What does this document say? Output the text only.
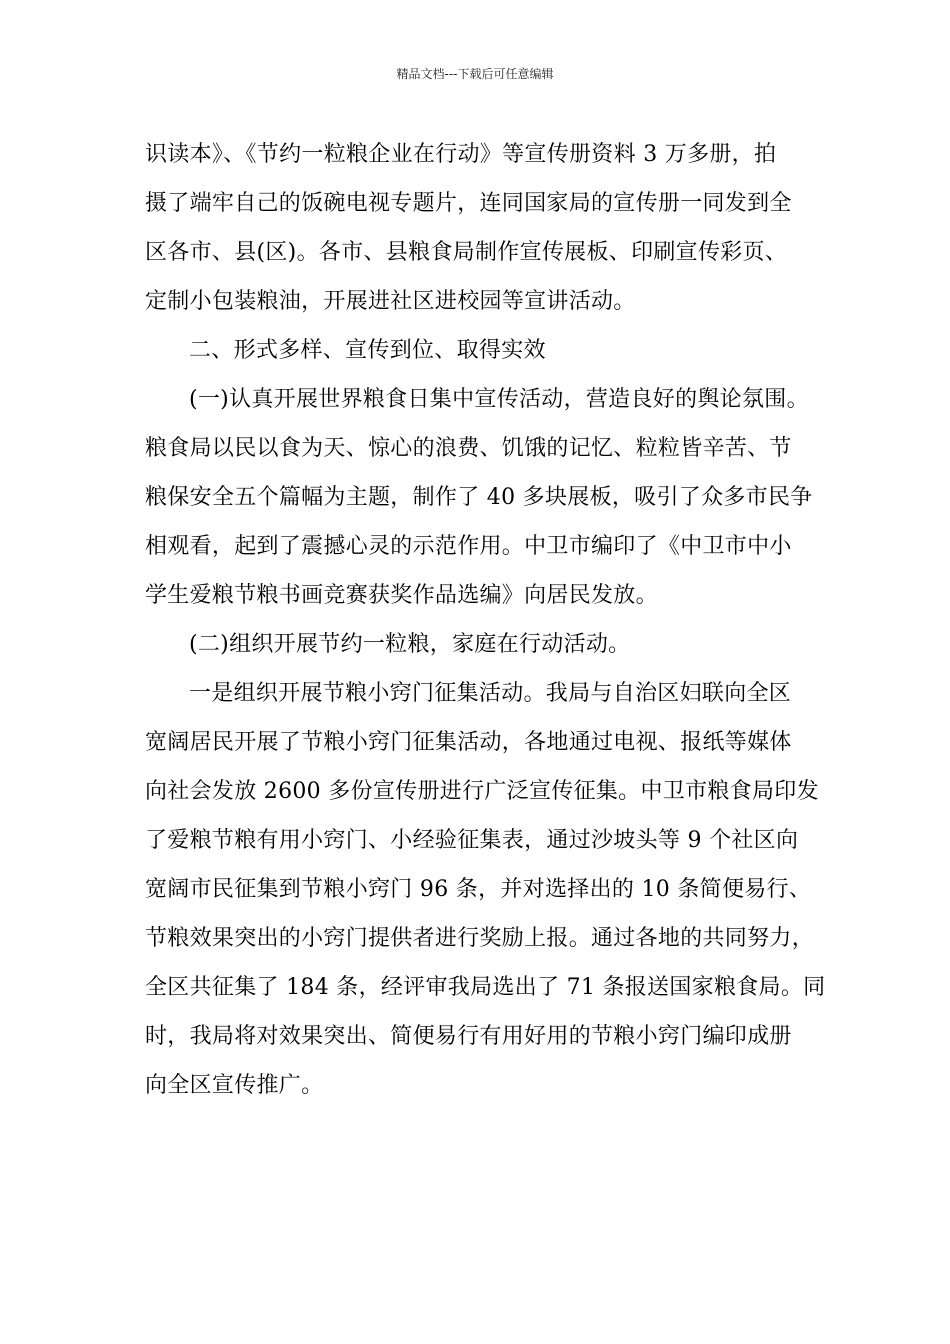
精品文档---下载后可任意编辑
识读本》、《节约一粒粮企业在行动》等宣传册资料 3 万多册，拍
摄了端牢自己的饭碗电视专题片，连同国家局的宣传册一同发到全
区各市、县(区)。各市、县粮食局制作宣传展板、印刷宣传彩页、
定制小包装粮油，开展进社区进校园等宣讲活动。
二、形式多样、宣传到位、取得实效
(一)认真开展世界粮食日集中宣传活动，营造良好的舆论氛围。
粮食局以民以食为天、惊心的浪费、饥饿的记忆、粒粒皆辛苦、节
粮保安全五个篇幅为主题，制作了 40 多块展板，吸引了众多市民争
相观看，起到了震撼心灵的示范作用。中卫市编印了《中卫市中小
学生爱粮节粮书画竞赛获奖作品选编》向居民发放。
(二)组织开展节约一粒粮，家庭在行动活动。
一是组织开展节粮小窍门征集活动。我局与自治区妇联向全区
宽阔居民开展了节粮小窍门征集活动，各地通过电视、报纸等媒体
向社会发放 2600 多份宣传册进行广泛宣传征集。中卫市粮食局印发
了爱粮节粮有用小窍门、小经验征集表，通过沙坡头等 9 个社区向
宽阔市民征集到节粮小窍门 96 条，并对选择出的 10 条简便易行、
节粮效果突出的小窍门提供者进行奖励上报。通过各地的共同努力，
全区共征集了 184 条，经评审我局选出了 71 条报送国家粮食局。同
时，我局将对效果突出、简便易行有用好用的节粮小窍门编印成册
向全区宣传推广。
